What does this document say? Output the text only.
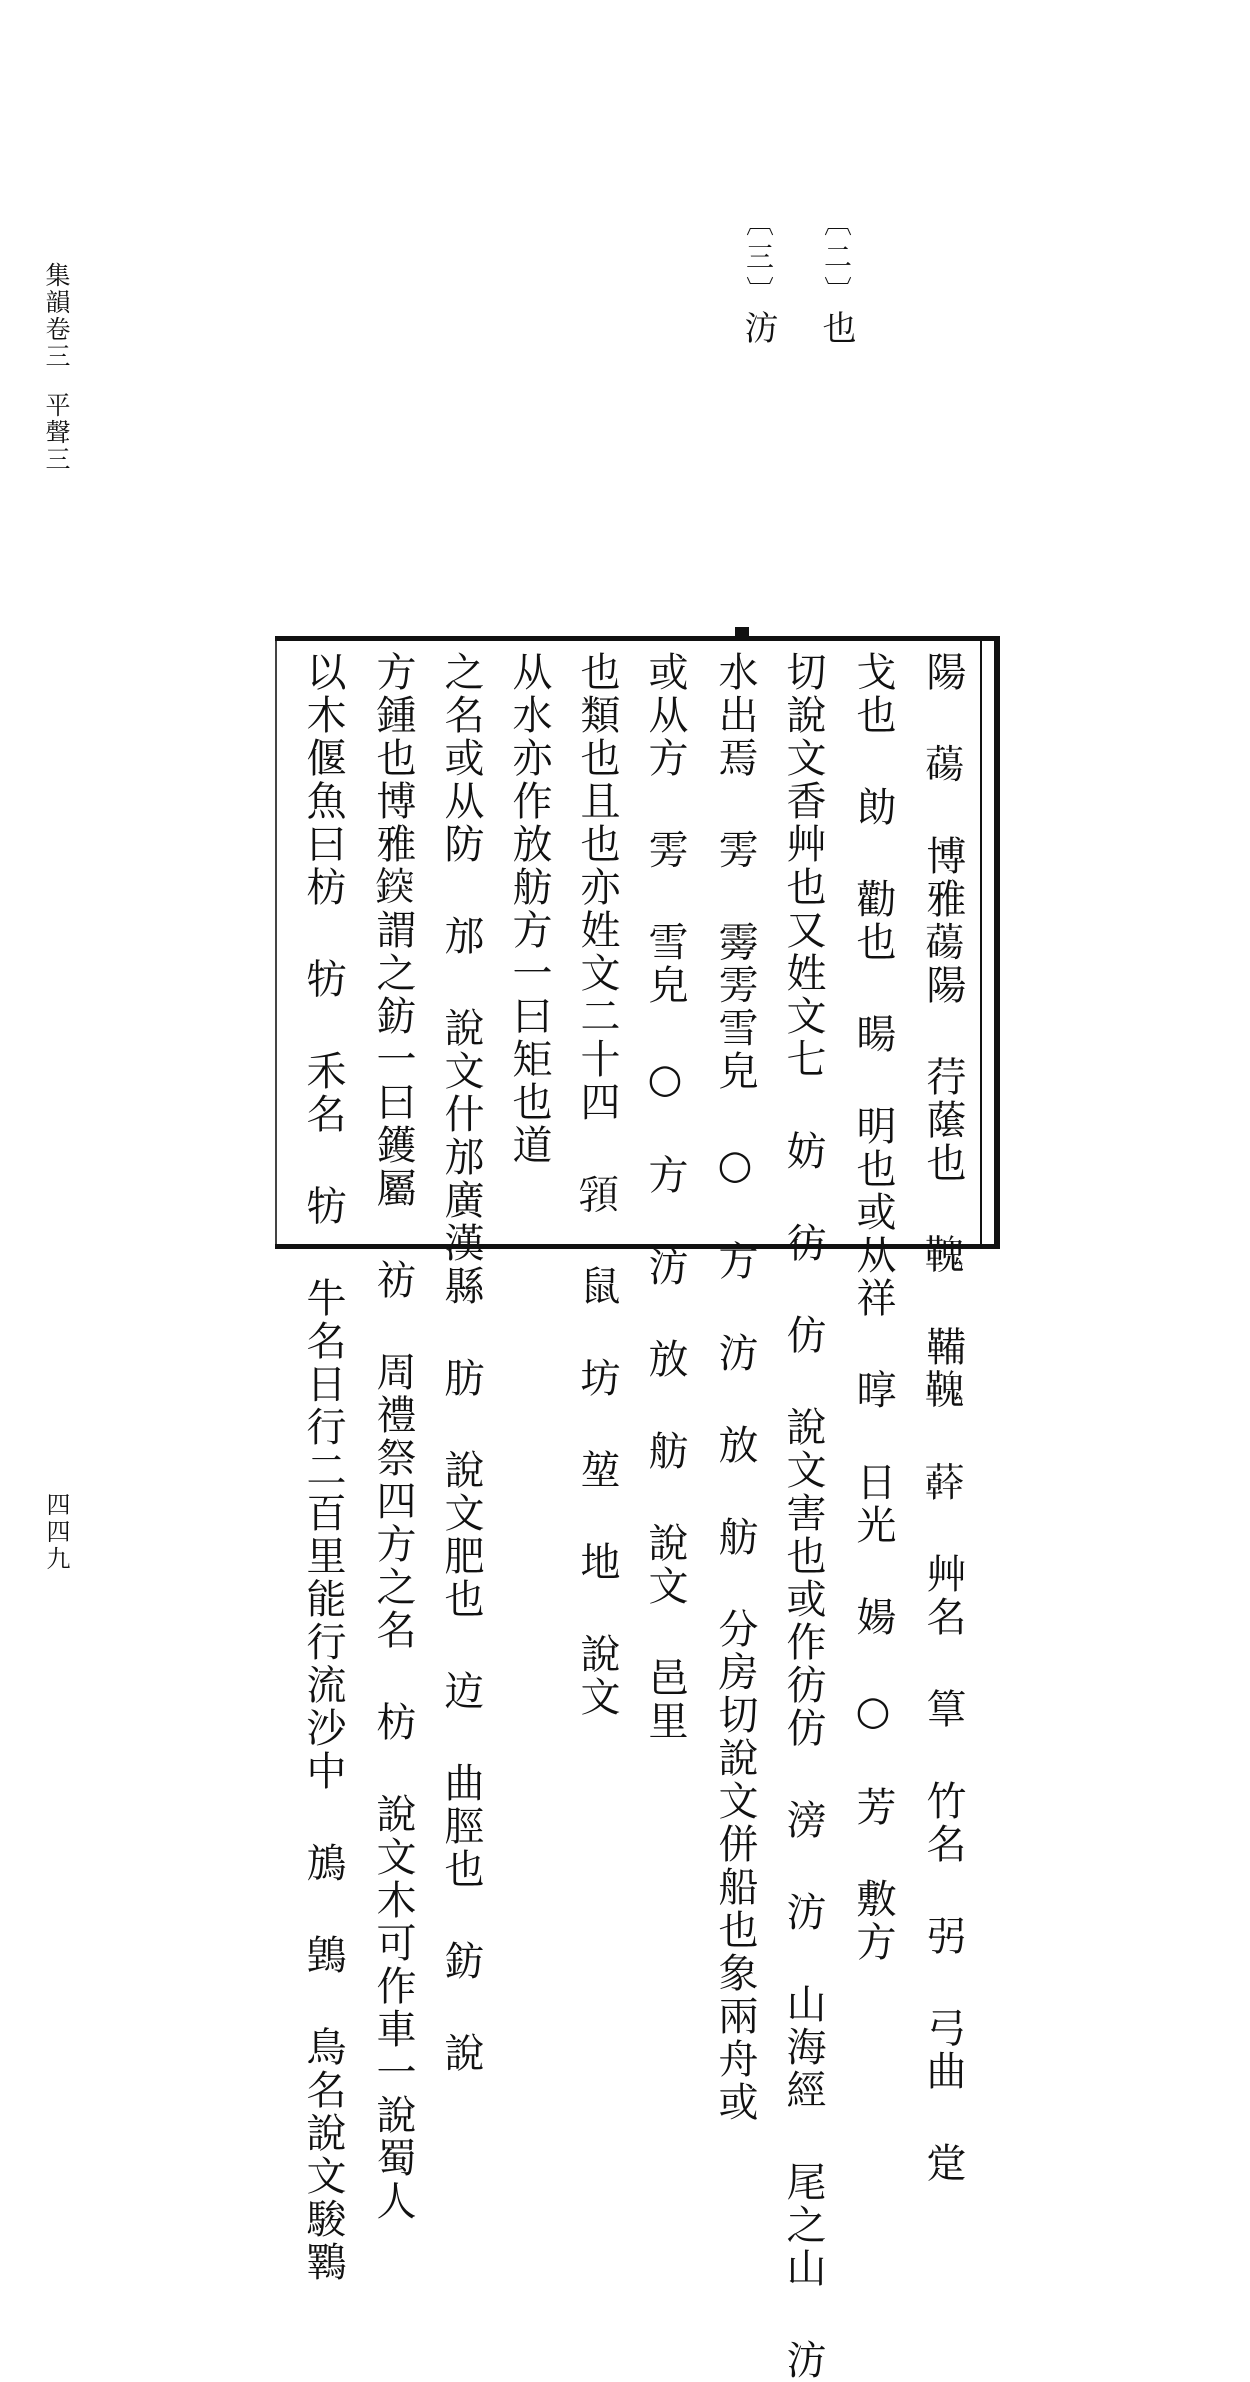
集韻卷三平聲三
〔二〕也
〔三〕汸
陽 𦿆 博雅𦿆陽 荇䕃也 𩌃 鞴𩌃 𦼮 艸名 筸 竹名 弜 弓曲 䟫
戈也 勆 勸也 䁑 明也或从祥 㬀 日光 婸 ○ 芳 敷方
切說文香艸也又姓文七 妨 彷 仿 說文害也或作彷仿 滂 汸 山海經 尾之山 汸
水出焉 雱 䨦雱雪皃 ○ 方 汸 放 舫 分房切說文併船也象兩舟或
或从方 雱 雪皃 ○ 方 汸 放 舫 說文 邑里
也類也且也亦姓文二十四 𩓖 鼠 坊 堃 地 說文
从水亦作放舫方一曰矩也道
之名或从防 邡 說文什邡廣漢縣 肪 說文肥也 䢍 曲脛也 鈁 說
方鍾也博雅𨨷謂之鈁一曰鑊屬 祊 周禮祭四方之名 枋 說文木可作車一說蜀人
以木偃魚曰枋 牥 禾名 牥 牛名日行二百里能行流沙中 鴋 䳨 鳥名說文駿鸅
四四九
